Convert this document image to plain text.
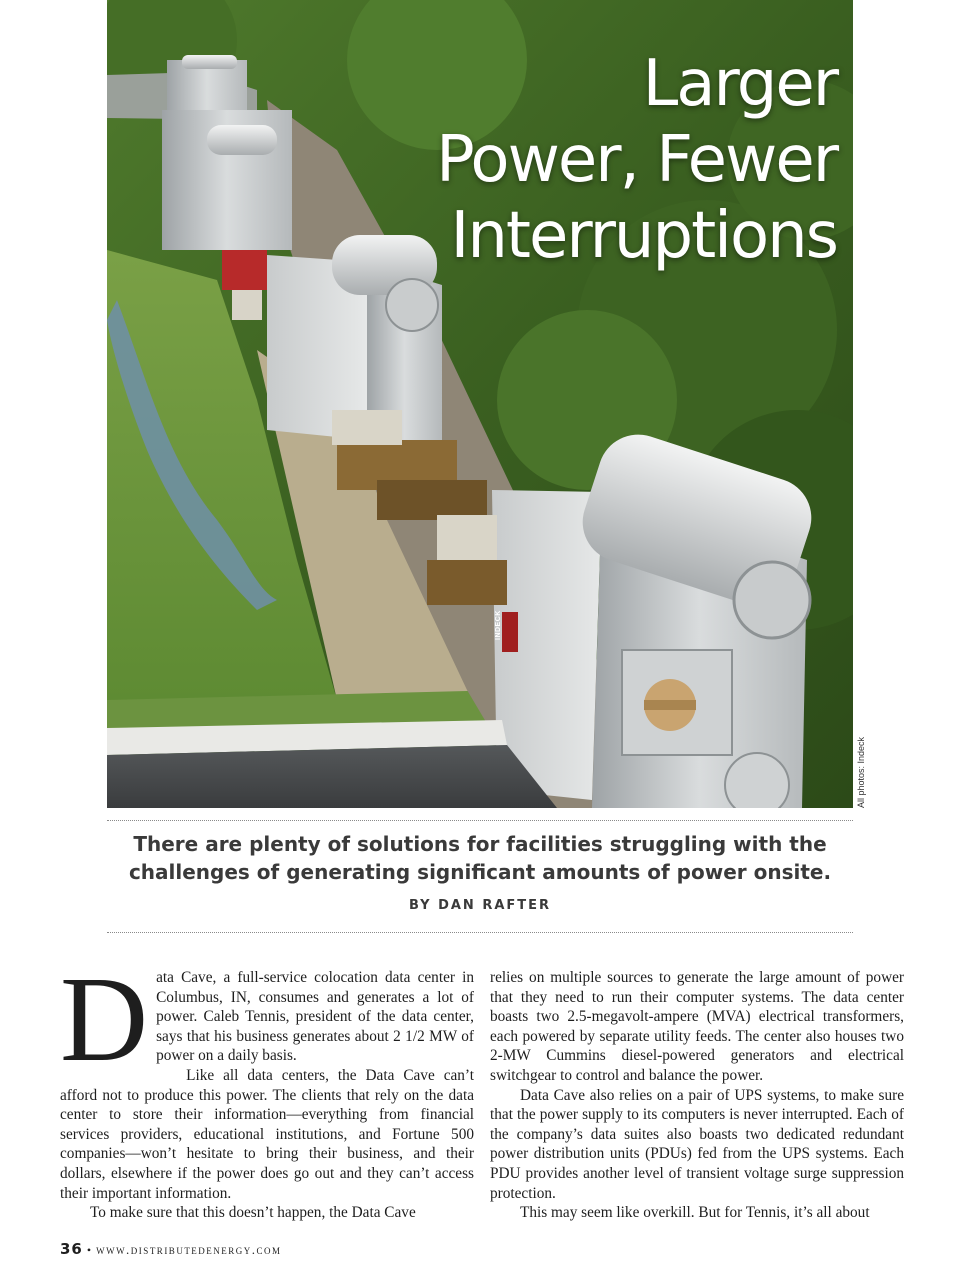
Larger
Power, Fewer
Interruptions
INDECK
All photos: Indeck

There are plenty of solutions for facilities struggling with the challenges of generating significant amounts of power onsite.

BY DAN RAFTER

Data Cave, a full-service colocation data center in Columbus, IN, consumes and generates a lot of power. Caleb Tennis, president of the data center, says that his business generates about 2 1/2 MW of power on a daily basis.

Like all data centers, the Data Cave can’t afford not to produce this power. The clients that rely on the data center to store their information—everything from financial services providers, educational institutions, and Fortune 500 companies—won’t hesitate to bring their business, and their dollars, elsewhere if the power does go out and they can’t access their important information.

To make sure that this doesn’t happen, the Data Cave

relies on multiple sources to generate the large amount of power that they need to run their computer systems. The data center boasts two 2.5-megavolt-ampere (MVA) electrical transformers, each powered by separate utility feeds. The center also houses two 2-MW Cummins diesel-powered generators and electrical switchgear to control and balance the power.

Data Cave also relies on a pair of UPS systems, to make sure that the power supply to its computers is never interrupted. Each of the company’s data suites also boasts two dedicated redundant power distribution units (PDUs) fed from the UPS systems. Each PDU provides another level of transient voltage surge suppression protection.

This may seem like overkill. But for Tennis, it’s all about

36 • www.distributedenergy.com
